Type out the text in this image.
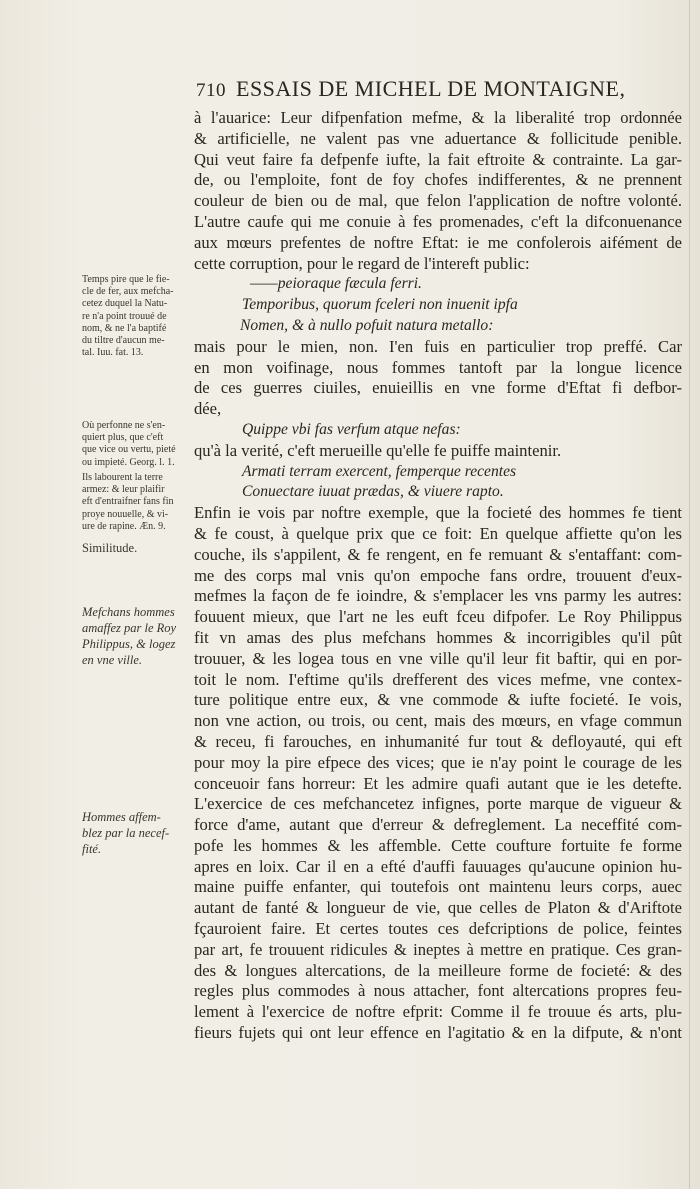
710 ESSAIS DE MICHEL DE MONTAIGNE,
à l'auarice: Leur difpenfation mefme, & la liberalité trop ordonnée
& artificielle, ne valent pas vne aduertance & follicitude penible.
Qui veut faire fa defpenfe iufte, la fait eftroite & contrainte. La gar-
de, ou l'emploite, font de foy chofes indifferentes, & ne prennent
couleur de bien ou de mal, que felon l'application de noftre volonté.
L'autre caufe qui me conuie à fes promenades, c'eft la difconuenance
aux mœurs prefentes de noftre Eftat: ie me confolerois aifément de
cette corruption, pour le regard de l'intereft public:
——peioraque fæcula ferri.
Temporibus, quorum fceleri non inuenit ipfa
Nomen, & à nullo pofuit natura metallo:
mais pour le mien, non. I'en fuis en particulier trop preffé. Car
en mon voifinage, nous fommes tantoft par la longue licence
de ces guerres ciuiles, enuieillis en vne forme d'Eftat fi defbor-
dée,
Quippe vbi fas verfum atque nefas:
qu'à la verité, c'eft merueille qu'elle fe puiffe maintenir.
Armati terram exercent, femperque recentes
Conuectare iuuat prædas, & viuere rapto.
Enfin ie vois par noftre exemple, que la focieté des hommes fe tient
& fe coust, à quelque prix que ce foit: En quelque affiette qu'on les
couche, ils s'appilent, & fe rengent, en fe remuant & s'entaffant: com-
me des corps mal vnis qu'on empoche fans ordre, trouuent d'eux-
mefmes la façon de fe ioindre, & s'emplacer les vns parmy les autres:
fouuent mieux, que l'art ne les euft fceu difpofer. Le Roy Philippus
fit vn amas des plus mefchans hommes & incorrigibles qu'il pût
trouuer, & les logea tous en vne ville qu'il leur fit baftir, qui en por-
toit le nom. I'eftime qu'ils drefferent des vices mefme, vne contex-
ture politique entre eux, & vne commode & iufte focieté. Ie vois,
non vne action, ou trois, ou cent, mais des mœurs, en vfage commun
& receu, fi farouches, en inhumanité fur tout & defloyauté, qui eft
pour moy la pire efpece des vices; que ie n'ay point le courage de les
conceuoir fans horreur: Et les admire quafi autant que ie les detefte.
L'exercice de ces mefchancetez infignes, porte marque de vigueur &
force d'ame, autant que d'erreur & defreglement. La neceffité com-
pofe les hommes & les affemble. Cette coufture fortuite fe forme
apres en loix. Car il en a efté d'auffi fauuages qu'aucune opinion hu-
maine puiffe enfanter, qui toutefois ont maintenu leurs corps, auec
autant de fanté & longueur de vie, que celles de Platon & d'Ariftote
fçauroient faire. Et certes toutes ces defcriptions de police, feintes
par art, fe trouuent ridicules & ineptes à mettre en pratique. Ces gran-
des & longues altercations, de la meilleure forme de focieté: & des
regles plus commodes à nous attacher, font altercations propres feu-
lement à l'exercice de noftre efprit: Comme il fe trouue és arts, plu-
fieurs fujets qui ont leur effence en l'agitatio & en la difpute, & n'ont
Temps pire que le fie-
cle de fer, aux mefcha-
cetez duquel la Natu-
re n'a point trouué de
nom, & ne l'a baptifé
du tiltre d'aucun me-
tal. Iuu. fat. 13.
Où perfonne ne s'en-
quiert plus, que c'eft
que vice ou vertu, pieté
ou impieté. Georg. l. 1.
Ils labourent la terre
armez: & leur plaifir
eft d'entraifner fans fin
proye nouuelle, & vi-
ure de rapine. Æn. 9.
Similitude.
Mefchans hommes
amaffez par le Roy
Philippus, & logez
en vne ville.
Hommes affem-
blez par la necef-
fité.
